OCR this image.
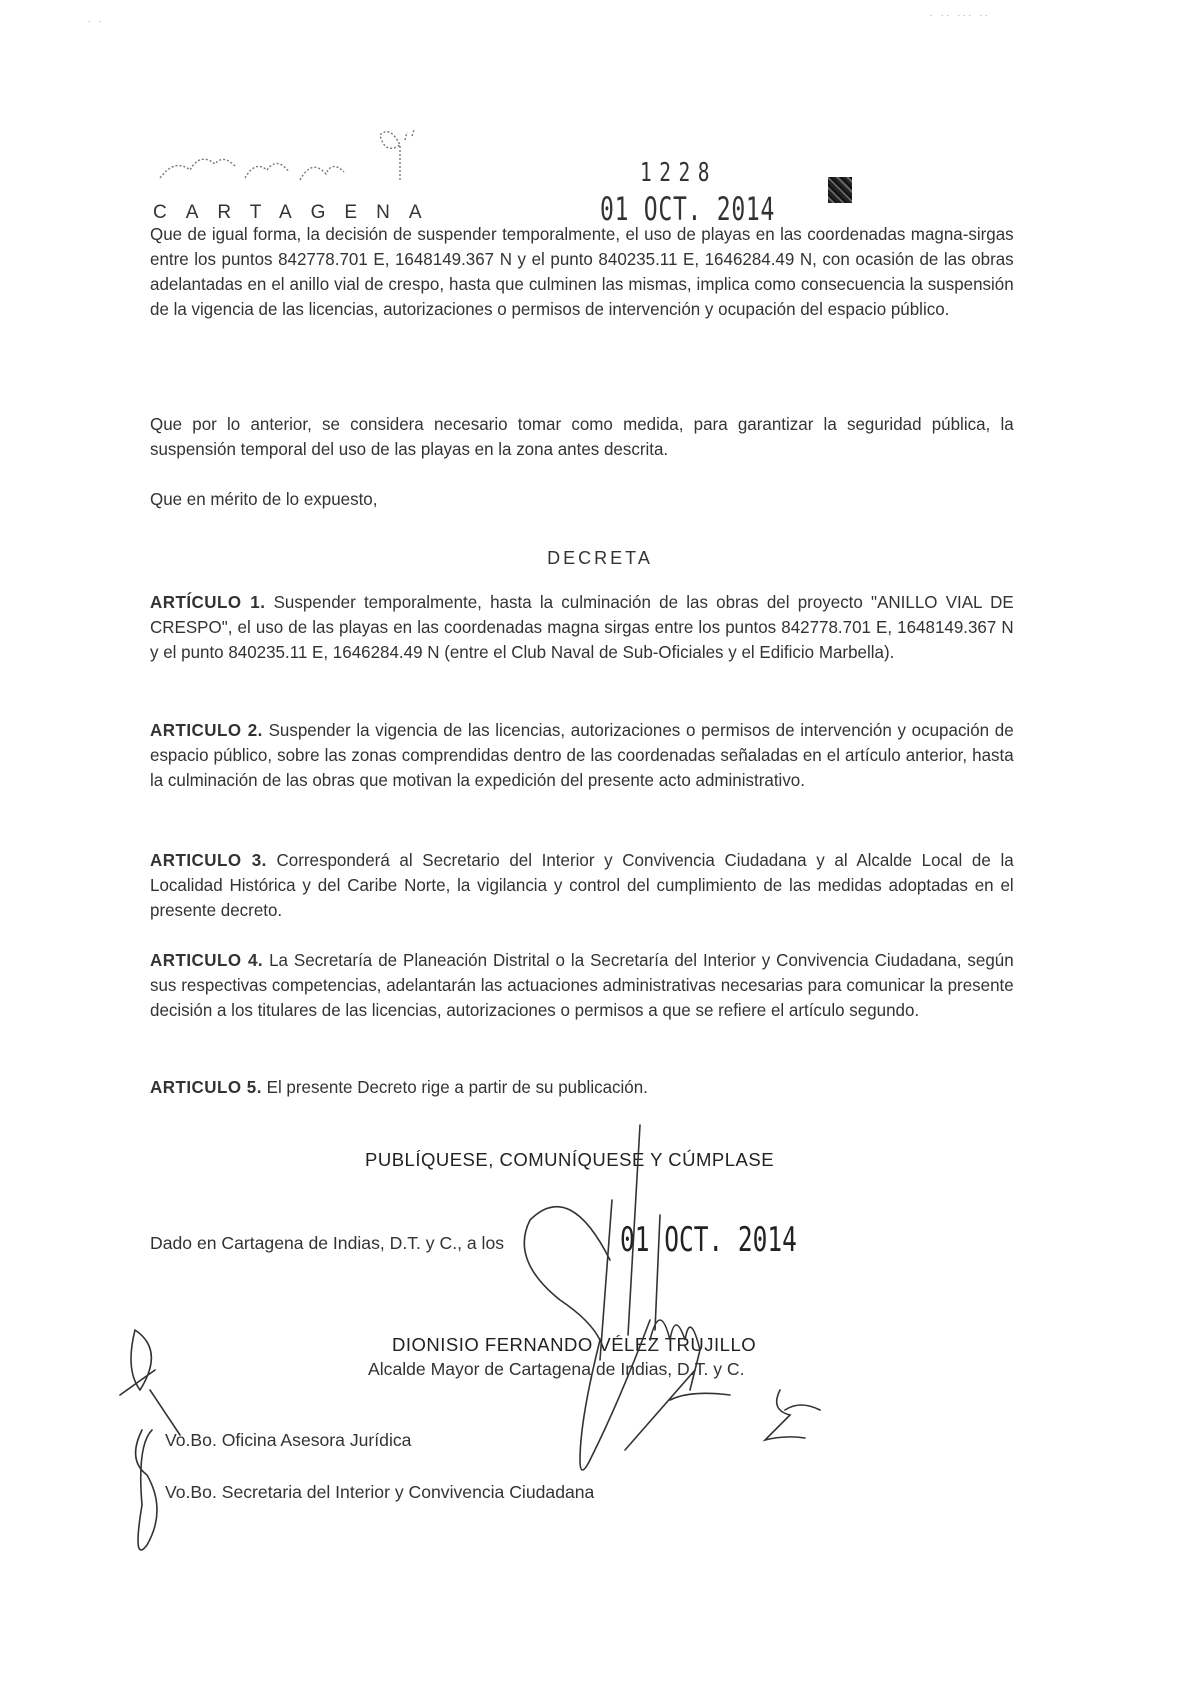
. .
. .. ... ..
CARTAGENA
1228
01 OCT. 2014

Que de igual forma, la decisión de suspender temporalmente, el uso de playas en las coordenadas magna-sirgas entre los puntos 842778.701 E, 1648149.367 N y el punto 840235.11 E, 1646284.49 N, con ocasión de las obras adelantadas en el anillo vial de crespo, hasta que culminen las mismas, implica como consecuencia la suspensión de la vigencia de las licencias, autorizaciones o permisos de intervención y ocupación del espacio público.

Que por lo anterior, se considera necesario tomar como medida, para garantizar la seguridad pública, la suspensión temporal del uso de las playas en la zona antes descrita.

Que en mérito de lo expuesto,

DECRETA

ARTÍCULO 1. Suspender temporalmente, hasta la culminación de las obras del proyecto "ANILLO VIAL DE CRESPO", el uso de las playas en las coordenadas magna sirgas entre los puntos 842778.701 E, 1648149.367 N y el punto 840235.11 E, 1646284.49 N (entre el Club Naval de Sub-Oficiales y el Edificio Marbella).

ARTICULO 2. Suspender la vigencia de las licencias, autorizaciones o permisos de intervención y ocupación de espacio público, sobre las zonas comprendidas dentro de las coordenadas señaladas en el artículo anterior, hasta la culminación de las obras que motivan la expedición del presente acto administrativo.

ARTICULO 3. Corresponderá al Secretario del Interior y Convivencia Ciudadana y al Alcalde Local de la Localidad Histórica y del Caribe Norte, la vigilancia y control del cumplimiento de las medidas adoptadas en el presente decreto.

ARTICULO 4. La Secretaría de Planeación Distrital o la Secretaría del Interior y Convivencia Ciudadana, según sus respectivas competencias, adelantarán las actuaciones administrativas necesarias para comunicar la presente decisión a los titulares de las licencias, autorizaciones o permisos a que se refiere el artículo segundo.

ARTICULO 5. El presente Decreto rige a partir de su publicación.

PUBLÍQUESE, COMUNÍQUESE Y CÚMPLASE
Dado en Cartagena de Indias, D.T. y C., a los	01 OCT. 2014
DIONISIO FERNANDO VÉLEZ TRUJILLO
Alcalde Mayor de Cartagena de Indias, D.T. y C.
Vo.Bo. Oficina Asesora Jurídica
Vo.Bo. Secretaria del Interior y Convivencia Ciudadana
